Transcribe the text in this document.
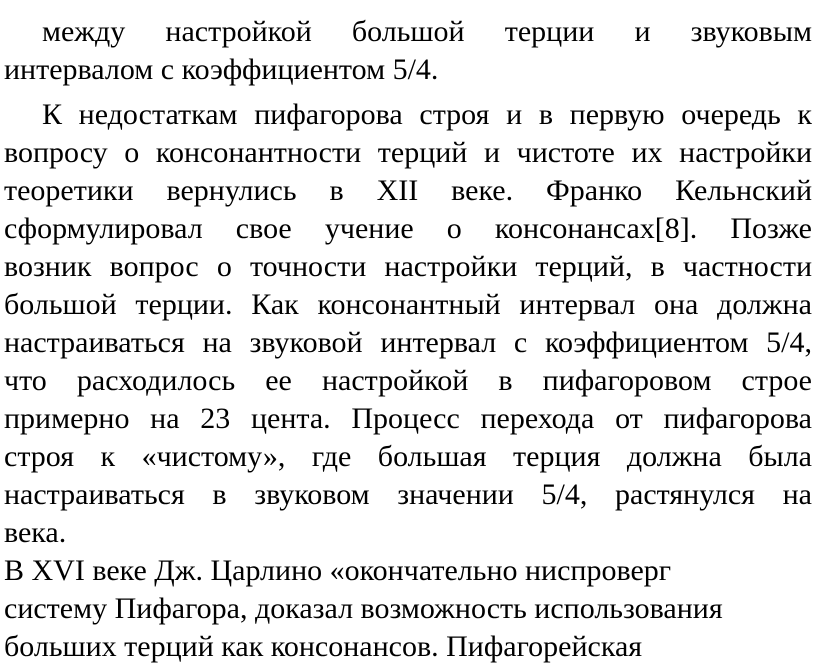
между настройкой большой терции и звуковым
интервалом с коэффициентом 5/4.
К недостаткам пифагорова строя и в первую очередь к
вопросу о консонантности терций и чистоте их настройки
теоретики вернулись в XII веке. Франко Кельнский
сформулировал свое учение о консонансах[8]. Позже
возник вопрос о точности настройки терций, в частности
большой терции. Как консонантный интервал она должна
настраиваться на звуковой интервал с коэффициентом 5/4,
что расходилось ее настройкой в пифагоровом строе
примерно на 23 цента. Процесс перехода от пифагорова
строя к «чистому», где большая терция должна была
настраиваться в звуковом значении 5/4, растянулся на
века.
В XVI веке Дж. Царлино «окончательно ниспроверг
систему Пифагора, доказал возможность использования
больших терций как консонансов. Пифагорейская
